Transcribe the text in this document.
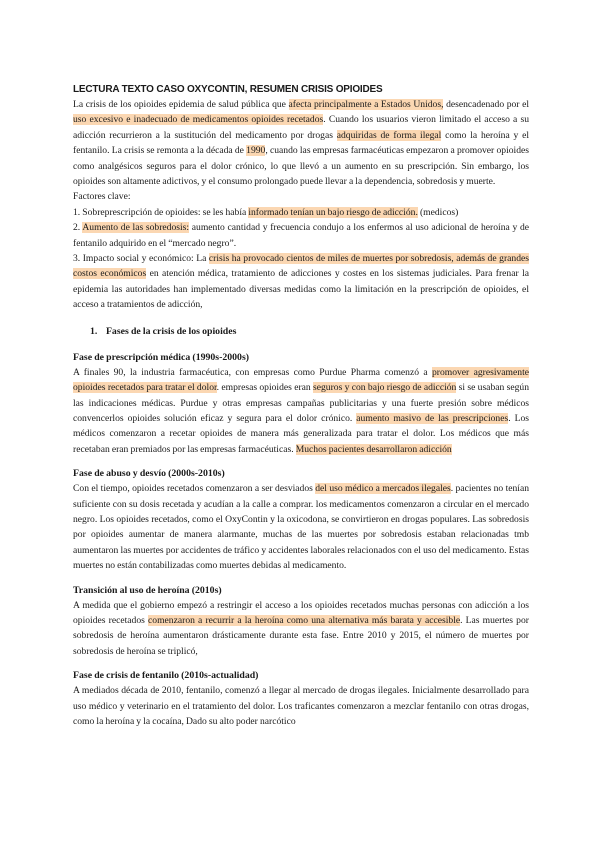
LECTURA TEXTO CASO OXYCONTIN, RESUMEN CRISIS OPIOIDES

La crisis de los opioides epidemia de salud pública que afecta principalmente a Estados Unidos, desencadenado por el uso excesivo e inadecuado de medicamentos opioides recetados. Cuando los usuarios vieron limitado el acceso a su adicción recurrieron a la sustitución del medicamento por drogas adquiridas de forma ilegal como la heroína y el fentanilo. La crisis se remonta a la década de 1990, cuando las empresas farmacéuticas empezaron a promover opioides como analgésicos seguros para el dolor crónico, lo que llevó a un aumento en su prescripción. Sin embargo, los opioides son altamente adictivos, y el consumo prolongado puede llevar a la dependencia, sobredosis y muerte.

Factores clave:

1. Sobreprescripción de opioides: se les había informado tenían un bajo riesgo de adicción. (medicos)

2. Aumento de las sobredosis: aumento cantidad y frecuencia condujo a los enfermos al uso adicional de heroína y de fentanilo adquirido en el “mercado negro”.

3. Impacto social y económico: La crisis ha provocado cientos de miles de muertes por sobredosis, además de grandes costos económicos en atención médica, tratamiento de adicciones y costes en los sistemas judiciales. Para frenar la epidemia las autoridades han implementado diversas medidas como la limitación en la prescripción de opioides, el acceso a tratamientos de adicción,

1.    Fases de la crisis de los opioides

Fase de prescripción médica (1990s-2000s)

A finales 90, la industria farmacéutica, con empresas como Purdue Pharma comenzó a promover agresivamente opioides recetados para tratar el dolor. empresas opioides eran seguros y con bajo riesgo de adicción si se usaban según las indicaciones médicas. Purdue y otras empresas campañas publicitarias y una fuerte presión sobre médicos convencerlos opioides solución eficaz y segura para el dolor crónico. aumento masivo de las prescripciones. Los médicos comenzaron a recetar opioides de manera más generalizada para tratar el dolor. Los médicos que más recetaban eran premiados por las empresas farmacéuticas. Muchos pacientes desarrollaron adicción

Fase de abuso y desvío (2000s-2010s)

Con el tiempo, opioides recetados comenzaron a ser desviados del uso médico a mercados ilegales. pacientes no tenían suficiente con su dosis recetada y acudían a la calle a comprar. los medicamentos comenzaron a circular en el mercado negro. Los opioides recetados, como el OxyContin y la oxicodona, se convirtieron en drogas populares. Las sobredosis por opioides aumentar de manera alarmante, muchas de las muertes por sobredosis estaban relacionadas tmb aumentaron las muertes por accidentes de tráfico y accidentes laborales relacionados con el uso del medicamento. Estas muertes no están contabilizadas como muertes debidas al medicamento.

Transición al uso de heroína (2010s)

A medida que el gobierno empezó a restringir el acceso a los opioides recetados muchas personas con adicción a los opioides recetados comenzaron a recurrir a la heroína como una alternativa más barata y accesible. Las muertes por sobredosis de heroína aumentaron drásticamente durante esta fase. Entre 2010 y 2015, el número de muertes por sobredosis de heroína se triplicó,

Fase de crisis de fentanilo (2010s-actualidad)

A mediados década de 2010, fentanilo, comenzó a llegar al mercado de drogas ilegales. Inicialmente desarrollado para uso médico y veterinario en el tratamiento del dolor. Los traficantes comenzaron a mezclar fentanilo con otras drogas, como la heroína y la cocaína, Dado su alto poder narcótico
